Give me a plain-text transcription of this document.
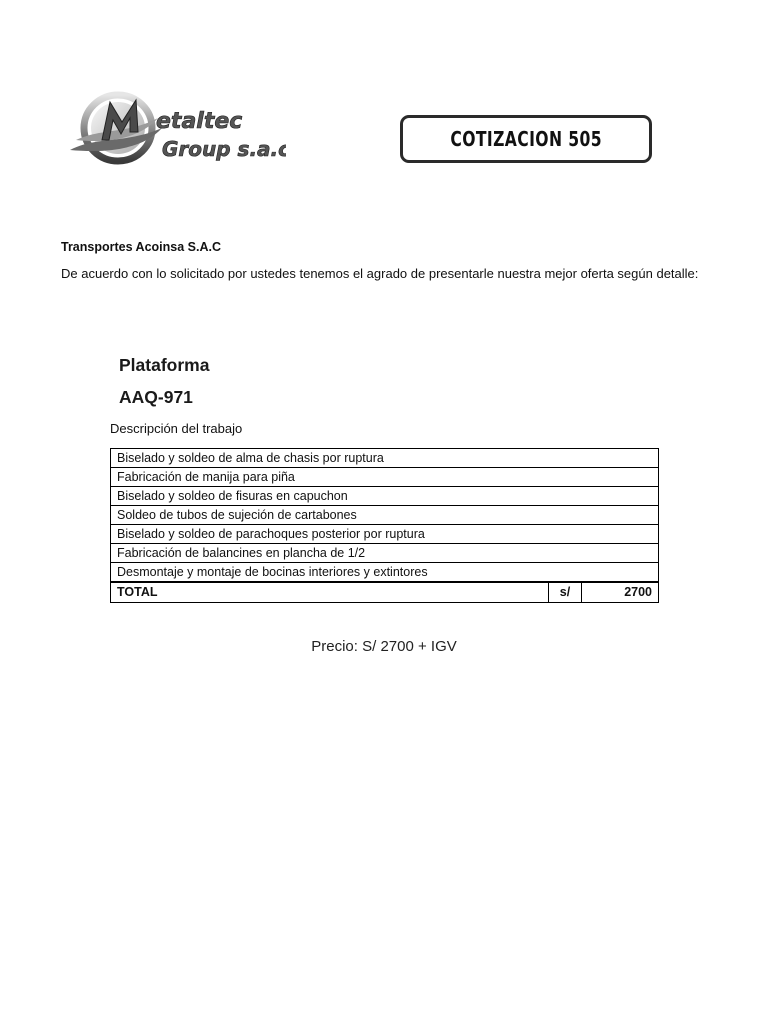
etaltec
Group s.a.c	COTIZACION 505
Transportes Acoinsa S.A.C
De acuerdo con lo solicitado por ustedes tenemos el agrado de presentarle nuestra mejor oferta según detalle:
Plataforma
AAQ-971
Descripción del trabajo
Biselado y soldeo de alma de chasis por ruptura
Fabricación de manija para piña
Biselado y soldeo de fisuras en capuchon
Soldeo de tubos de sujeción de cartabones
Biselado y soldeo de parachoques posterior por ruptura
Fabricación de balancines en plancha de 1/2
Desmontaje y montaje de bocinas interiores y extintores
TOTAL	s/	2700
Precio: S/ 2700 + IGV
